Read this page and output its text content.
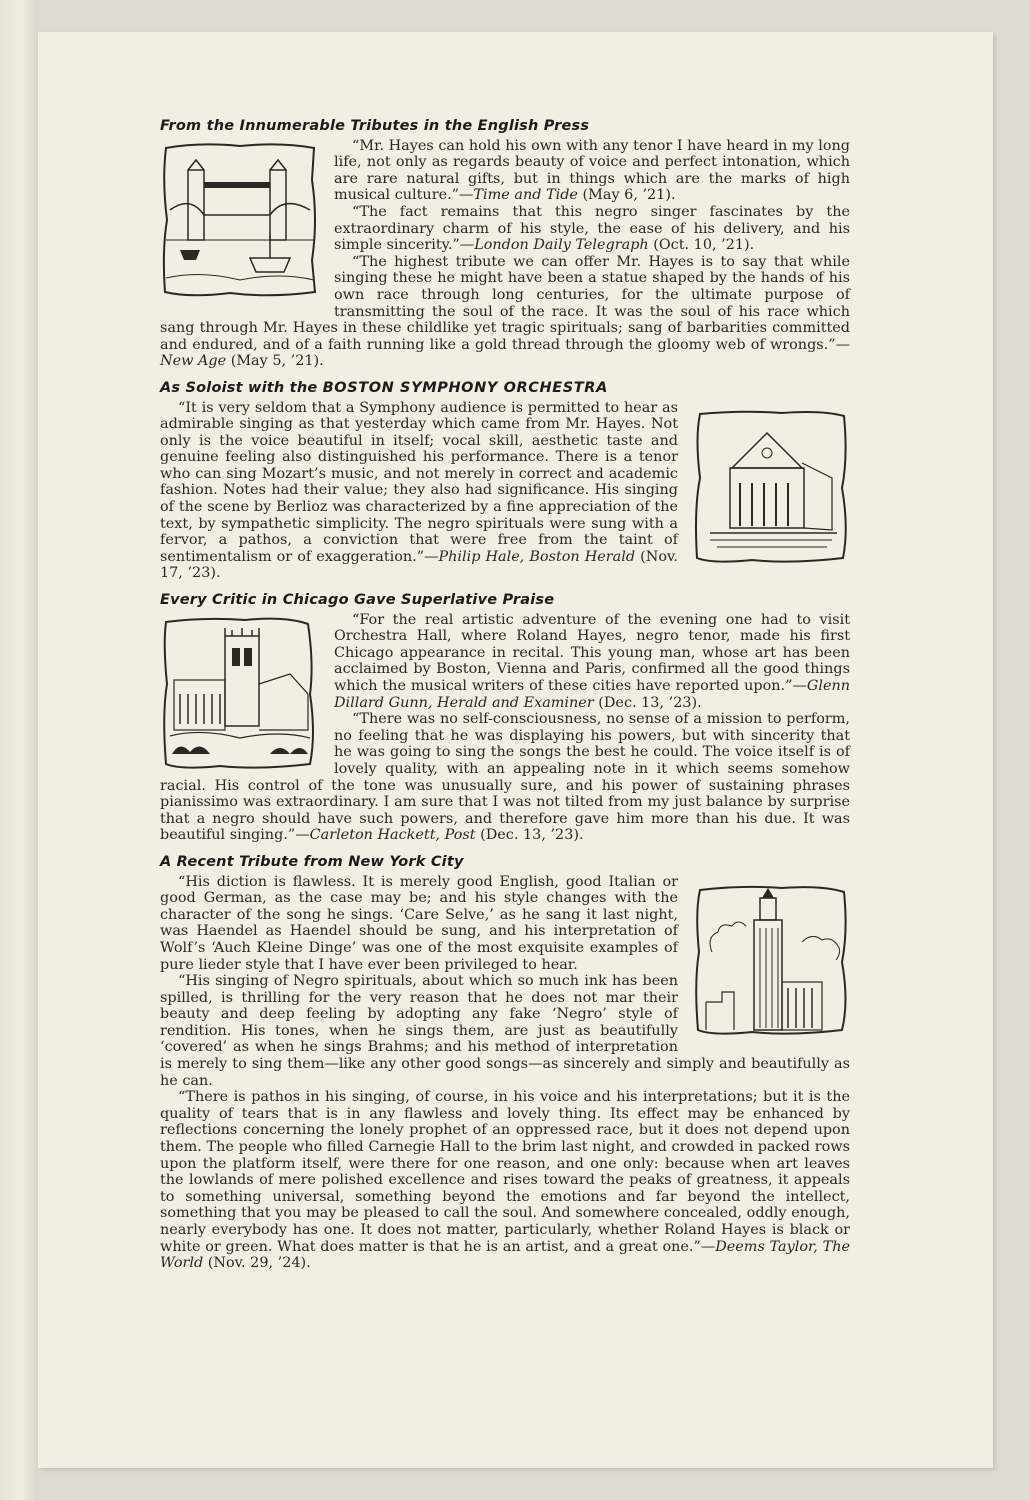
From the Innumerable Tributes in the English Press

“Mr. Hayes can hold his own with any tenor I have heard in my long life, not only as regards beauty of voice and perfect intonation, which are rare natural gifts, but in things which are the marks of high musical culture.”—Time and Tide (May 6, ’21).

“The fact remains that this negro singer fascinates by the extraordinary charm of his style, the ease of his delivery, and his simple sincerity.”—London Daily Telegraph (Oct. 10, ’21).

“The highest tribute we can offer Mr. Hayes is to say that while singing these he might have been a statue shaped by the hands of his own race through long centuries, for the ultimate purpose of transmitting the soul of the race. It was the soul of his race which sang through Mr. Hayes in these childlike yet tragic spirituals; sang of barbarities committed and endured, and of a faith running like a gold thread through the gloomy web of wrongs.”—New Age (May 5, ’21).

As Soloist with the BOSTON SYMPHONY ORCHESTRA

“It is very seldom that a Symphony audience is permitted to hear as admirable singing as that yesterday which came from Mr. Hayes. Not only is the voice beautiful in itself; vocal skill, aesthetic taste and genuine feeling also distinguished his performance. There is a tenor who can sing Mozart’s music, and not merely in correct and academic fashion. Notes had their value; they also had significance. His singing of the scene by Berlioz was characterized by a fine appreciation of the text, by sympathetic simplicity. The negro spirituals were sung with a fervor, a pathos, a conviction that were free from the taint of sentimentalism or of exaggeration.”—Philip Hale, Boston Herald (Nov. 17, ’23).

Every Critic in Chicago Gave Superlative Praise

“For the real artistic adventure of the evening one had to visit Orchestra Hall, where Roland Hayes, negro tenor, made his first Chicago appearance in recital. This young man, whose art has been acclaimed by Boston, Vienna and Paris, confirmed all the good things which the musical writers of these cities have reported upon.”—Glenn Dillard Gunn, Herald and Examiner (Dec. 13, ’23).

“There was no self-consciousness, no sense of a mission to perform, no feeling that he was displaying his powers, but with sincerity that he was going to sing the songs the best he could. The voice itself is of lovely quality, with an appealing note in it which seems somehow racial. His control of the tone was unusually sure, and his power of sustaining phrases pianissimo was extraordinary. I am sure that I was not tilted from my just balance by surprise that a negro should have such powers, and therefore gave him more than his due. It was beautiful singing.”—Carleton Hackett, Post (Dec. 13, ’23).

A Recent Tribute from New York City

“His diction is flawless. It is merely good English, good Italian or good German, as the case may be; and his style changes with the character of the song he sings. ‘Care Selve,’ as he sang it last night, was Haendel as Haendel should be sung, and his interpretation of Wolf’s ‘Auch Kleine Dinge’ was one of the most exquisite examples of pure lieder style that I have ever been privileged to hear.

“His singing of Negro spirituals, about which so much ink has been spilled, is thrilling for the very reason that he does not mar their beauty and deep feeling by adopting any fake ‘Negro’ style of rendition. His tones, when he sings them, are just as beautifully ‘covered’ as when he sings Brahms; and his method of interpretation is merely to sing them—like any other good songs—as sincerely and simply and beautifully as he can.

“There is pathos in his singing, of course, in his voice and his interpretations; but it is the quality of tears that is in any flawless and lovely thing. Its effect may be enhanced by reflections concerning the lonely prophet of an oppressed race, but it does not depend upon them. The people who filled Carnegie Hall to the brim last night, and crowded in packed rows upon the platform itself, were there for one reason, and one only: because when art leaves the lowlands of mere polished excellence and rises toward the peaks of greatness, it appeals to something universal, something beyond the emotions and far beyond the intellect, something that you may be pleased to call the soul. And somewhere concealed, oddly enough, nearly everybody has one. It does not matter, particularly, whether Roland Hayes is black or white or green. What does matter is that he is an artist, and a great one.”—Deems Taylor, The World (Nov. 29, ’24).
